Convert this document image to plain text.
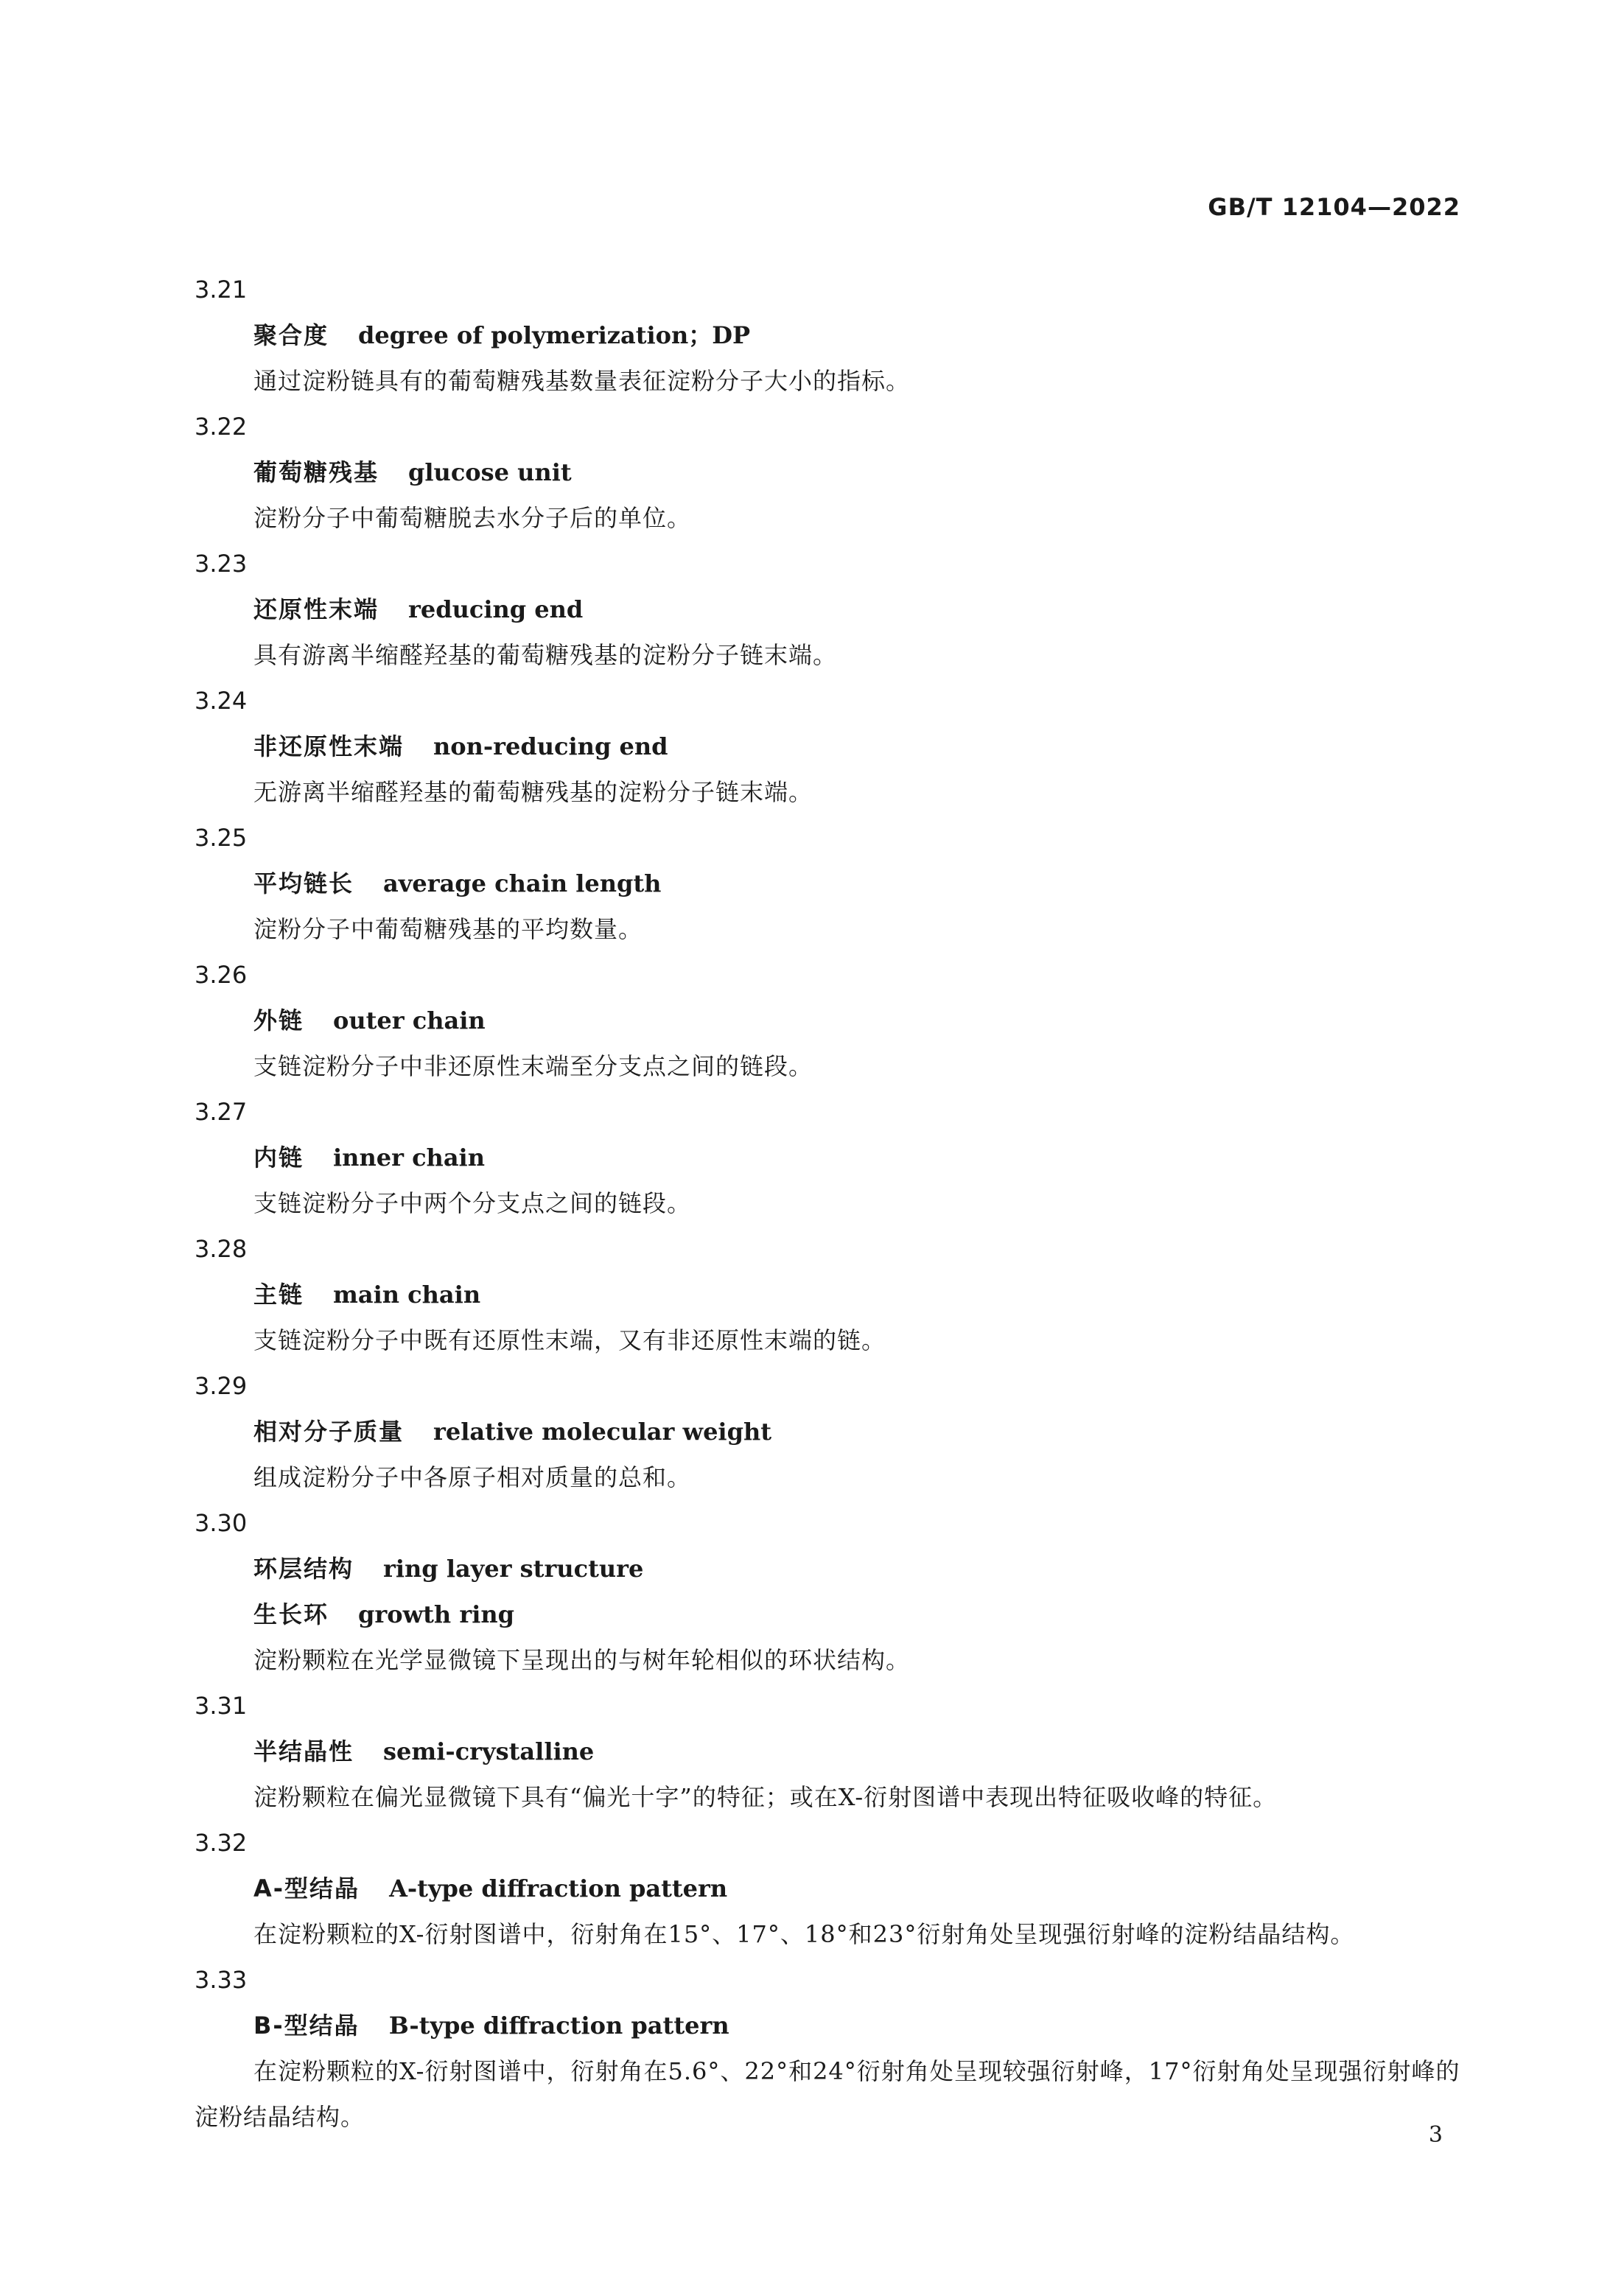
GB/T 12104—2022
3.21
聚合度 degree of polymerization；DP
通过淀粉链具有的葡萄糖残基数量表征淀粉分子大小的指标。
3.22
葡萄糖残基 glucose unit
淀粉分子中葡萄糖脱去水分子后的单位。
3.23
还原性末端 reducing end
具有游离半缩醛羟基的葡萄糖残基的淀粉分子链末端。
3.24
非还原性末端 non-reducing end
无游离半缩醛羟基的葡萄糖残基的淀粉分子链末端。
3.25
平均链长 average chain length
淀粉分子中葡萄糖残基的平均数量。
3.26
外链 outer chain
支链淀粉分子中非还原性末端至分支点之间的链段。
3.27
内链 inner chain
支链淀粉分子中两个分支点之间的链段。
3.28
主链 main chain
支链淀粉分子中既有还原性末端，又有非还原性末端的链。
3.29
相对分子质量 relative molecular weight
组成淀粉分子中各原子相对质量的总和。
3.30
环层结构 ring layer structure
生长环 growth ring
淀粉颗粒在光学显微镜下呈现出的与树年轮相似的环状结构。
3.31
半结晶性 semi-crystalline
淀粉颗粒在偏光显微镜下具有“偏光十字”的特征；或在X-衍射图谱中表现出特征吸收峰的特征。
3.32
A-型结晶 A-type diffraction pattern
在淀粉颗粒的X-衍射图谱中，衍射角在15°、17°、18°和23°衍射角处呈现强衍射峰的淀粉结晶结构。
3.33
B-型结晶 B-type diffraction pattern
在淀粉颗粒的X-衍射图谱中，衍射角在5.6°、22°和24°衍射角处呈现较强衍射峰，17°衍射角处呈现强衍射峰的淀粉结晶结构。
3
